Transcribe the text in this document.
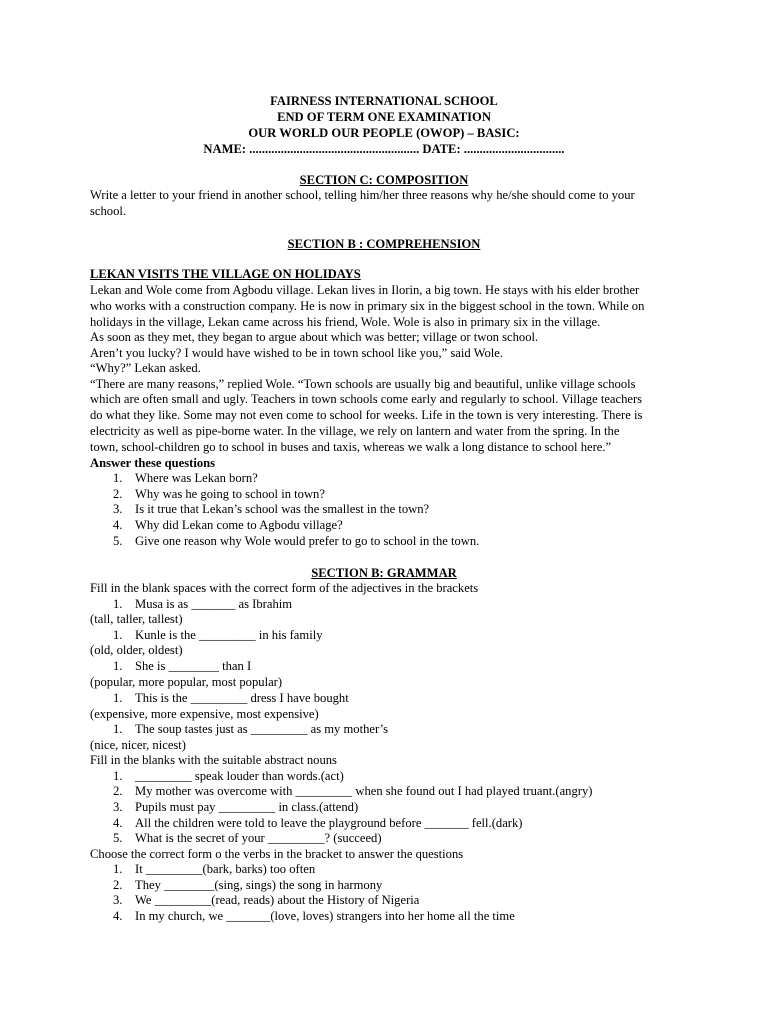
FAIRNESS INTERNATIONAL SCHOOL
END OF TERM ONE EXAMINATION
OUR WORLD OUR PEOPLE (OWOP) – BASIC:
NAME: ...................................................... DATE: ................................
SECTION C: COMPOSITION
Write a letter to your friend in another school, telling him/her three reasons why he/she should come to your
school.
SECTION B : COMPREHENSION
LEKAN VISITS THE VILLAGE ON HOLIDAYS
Lekan and Wole come from Agbodu village. Lekan lives in Ilorin, a big town. He stays with his elder brother
who works with a construction company. He is now in primary six in the biggest school in the town. While on
holidays in the village, Lekan came across his friend, Wole. Wole is also in primary six in the village.
As soon as they met, they began to argue about which was better; village or twon school.
Aren’t you lucky? I would have wished to be in town school like you,” said Wole.
“Why?” Lekan asked.
“There are many reasons,” replied Wole. “Town schools are usually big and beautiful, unlike village schools
which are often small and ugly. Teachers in town schools come early and regularly to school. Village teachers
do what they like. Some may not even come to school for weeks. Life in the town is very interesting. There is
electricity as well as pipe-borne water. In the village, we rely on lantern and water from the spring. In the
town, school-children go to school in buses and taxis, whereas we walk a long distance to school here.”
Answer these questions
1. Where was Lekan born?
2. Why was he going to school in town?
3. Is it true that Lekan’s school was the smallest in the town?
4. Why did Lekan come to Agbodu village?
5. Give one reason why Wole would prefer to go to school in the town.
SECTION B: GRAMMAR
Fill in the blank spaces with the correct form of the adjectives in the brackets
1. Musa is as _______ as Ibrahim
(tall, taller, tallest)
1. Kunle is the _________ in his family
(old, older, oldest)
1. She is ________ than I
(popular, more popular, most popular)
1. This is the _________ dress I have bought
(expensive, more expensive, most expensive)
1. The soup tastes just as _________ as my mother’s
(nice, nicer, nicest)
Fill in the blanks with the suitable abstract nouns
1. _________ speak louder than words.(act)
2. My mother was overcome with _________ when she found out I had played truant.(angry)
3. Pupils must pay _________ in class.(attend)
4. All the children were told to leave the playground before _______ fell.(dark)
5. What is the secret of your _________? (succeed)
Choose the correct form o the verbs in the bracket to answer the questions
1. It _________(bark, barks) too often
2. They ________(sing, sings) the song in harmony
3. We _________(read, reads) about the History of Nigeria
4. In my church, we _______(love, loves) strangers into her home all the time
